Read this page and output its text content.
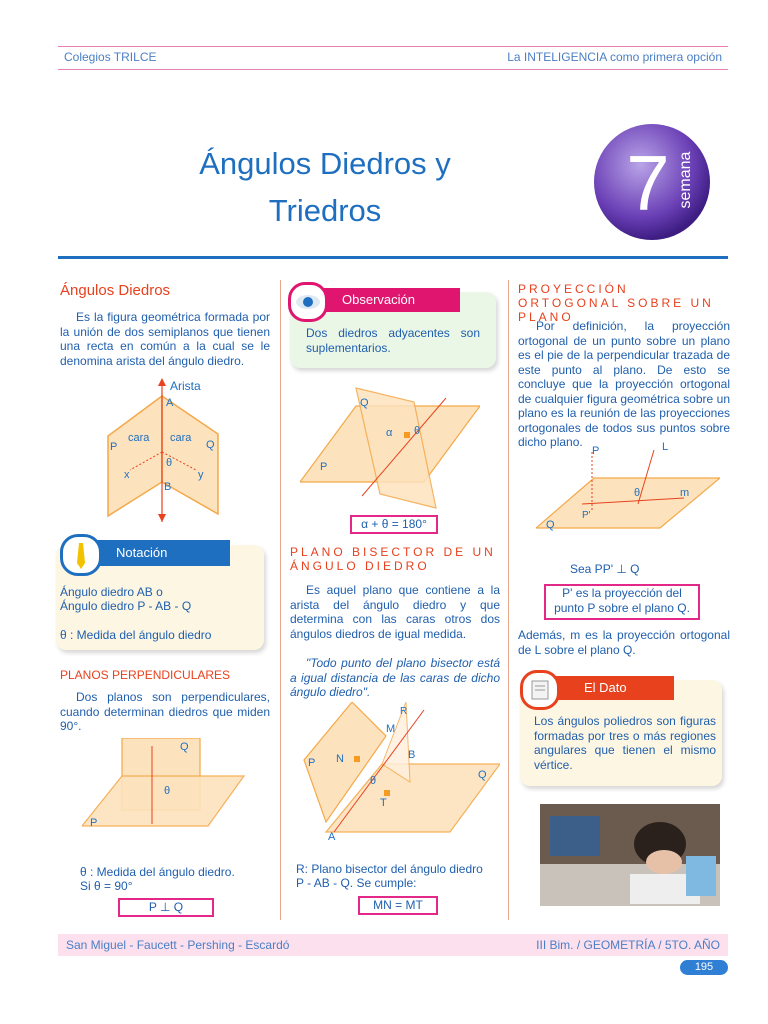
Colegios TRILCE	La INTELIGENCIA como primera opción
Ángulos Diedros y
Triedros	7 semana
Ángulos Diedros
Es la figura geométrica formada por la unión de dos semiplanos que tienen una recta en común a la cual se le denomina arista del ángulo diedro.
Arista
A
B
P	Q
cara cara
θ
x	y
Notación
Ángulo diedro AB o
Ángulo diedro P - AB - Q
θ : Medida del ángulo diedro
PLANOS PERPENDICULARES
Dos planos son perpendiculares, cuando determinan diedros que miden 90°.
Q
P
θ
θ : Medida del ángulo diedro.
Si θ = 90°
P ⊥ Q
Observación
Dos diedros adyacentes son suplementarios.
Q
P
α θ
α + θ = 180°
PLANO BISECTOR DE UN ÁNGULO DIEDRO
Es aquel plano que contiene a la arista del ángulo diedro y que determina con las caras otros dos ángulos diedros de igual medida.
"Todo punto del plano bisector está a igual distancia de las caras de dicho ángulo diedro".
R
M
B
N
P
Q
θ
T
A
R: Plano bisector del ángulo diedro
P - AB - Q. Se cumple:
MN = MT
PROYECCIÓN ORTOGONAL SOBRE UN PLANO
Por definición, la proyección ortogonal de un punto sobre un plano es el pie de la perpendicular trazada de este punto al plano. De esto se concluye que la proyección ortogonal de cualquier figura geométrica sobre un plano es la reunión de las proyecciones ortogonales de todos sus puntos sobre dicho plano.
P	L
θ	m
P'
Q
Sea PP' ⊥ Q
P' es la proyección del punto P sobre el plano Q.
Además, m es la proyección ortogonal de L sobre el plano Q.
El Dato
Los ángulos poliedros son figuras formadas por tres o más regiones angulares que tienen el mismo vértice.
San Miguel - Faucett - Pershing - Escardó	III Bim. / GEOMETRÍA / 5TO. AÑO
195
